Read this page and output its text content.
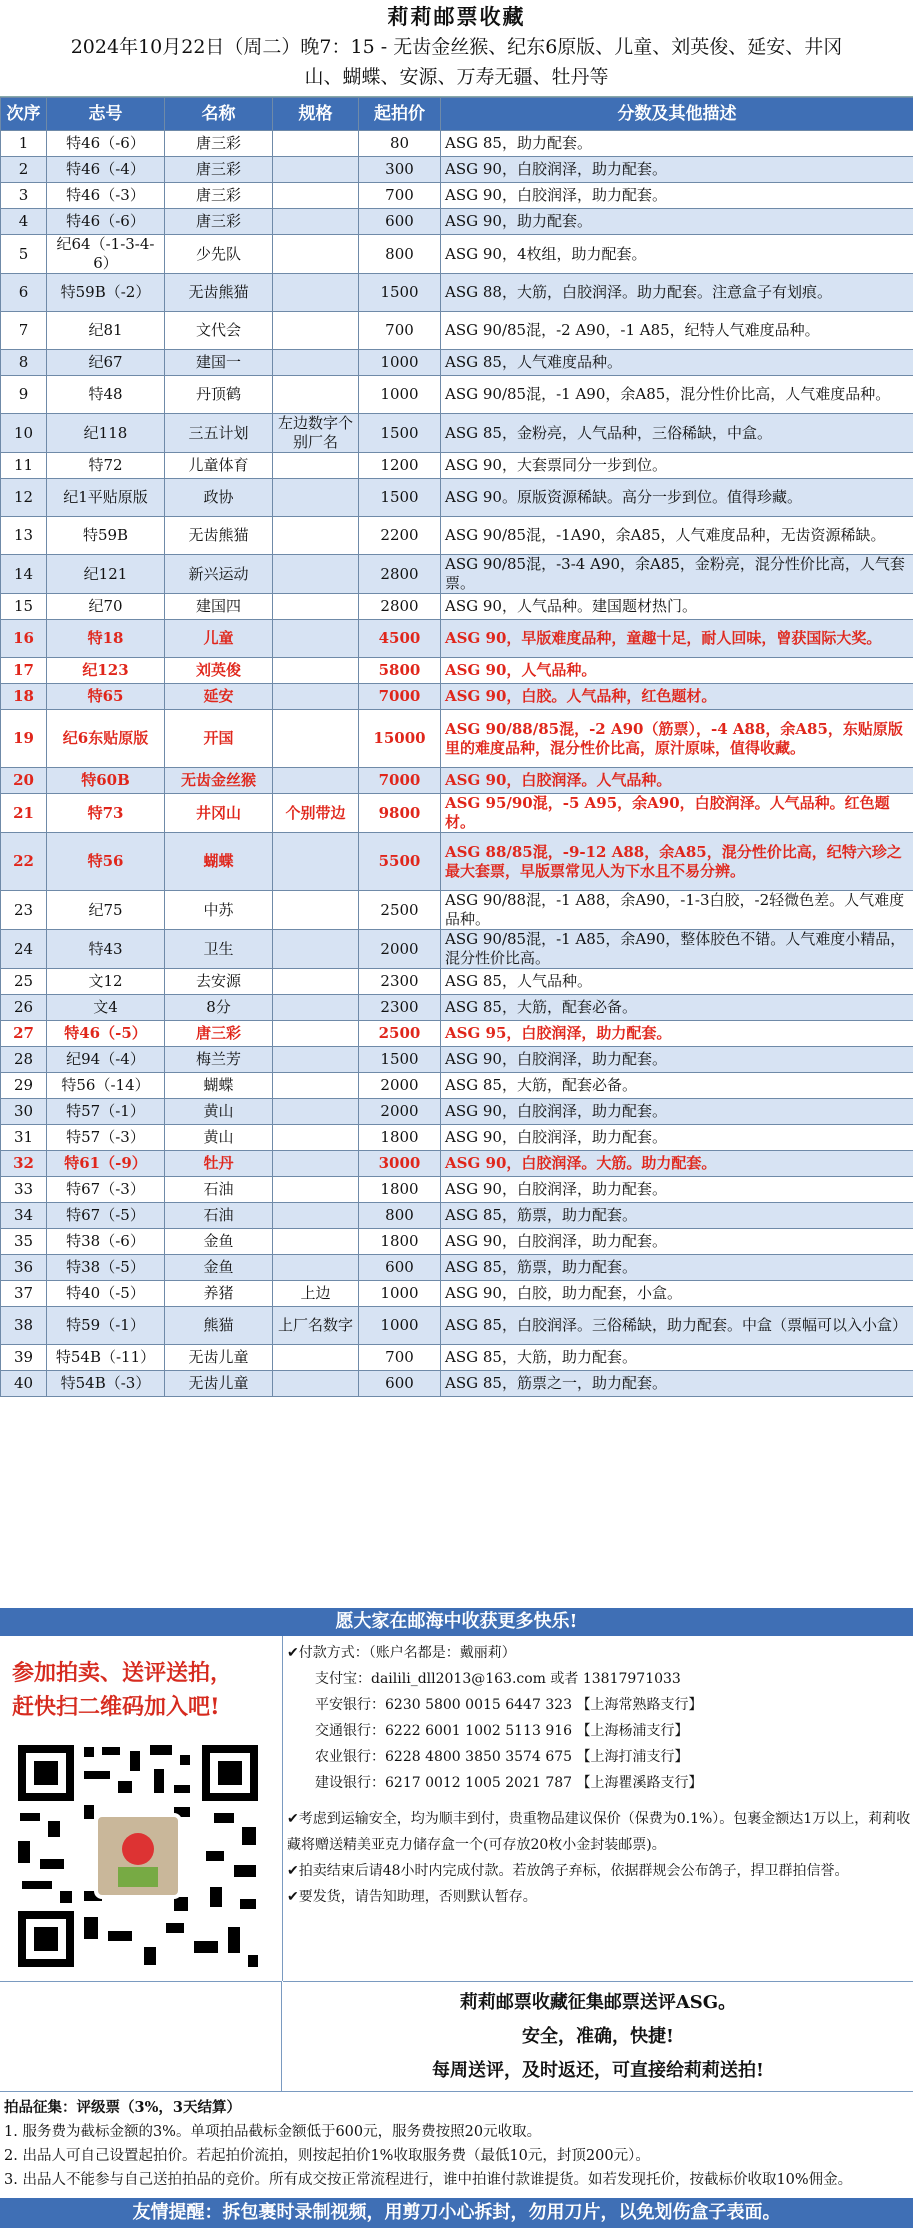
莉莉邮票收藏
2024年10月22日（周二）晚7：15 - 无齿金丝猴、纪东6原版、儿童、刘英俊、延安、井冈
山、蝴蝶、安源、万寿无疆、牡丹等
次序	志号	名称	规格	起拍价	分数及其他描述
1	特46（-6）	唐三彩		80	ASG 85，助力配套。
2	特46（-4）	唐三彩		300	ASG 90，白胶润泽，助力配套。
3	特46（-3）	唐三彩		700	ASG 90，白胶润泽，助力配套。
4	特46（-6）	唐三彩		600	ASG 90，助力配套。
5	纪64（-1-3-4-6）	少先队		800	ASG 90，4枚组，助力配套。
6	特59B（-2）	无齿熊猫		1500	ASG 88，大筋，白胶润泽。助力配套。注意盒子有划痕。
7	纪81	文代会		700	ASG 90/85混，-2 A90，-1 A85，纪特人气难度品种。
8	纪67	建国一		1000	ASG 85，人气难度品种。
9	特48	丹顶鹤		1000	ASG 90/85混，-1 A90，余A85，混分性价比高，人气难度品种。
10	纪118	三五计划	左边数字个别厂名	1500	ASG 85，金粉亮，人气品种，三俗稀缺，中盒。
11	特72	儿童体育		1200	ASG 90，大套票同分一步到位。
12	纪1平贴原版	政协		1500	ASG 90。原版资源稀缺。高分一步到位。值得珍藏。
13	特59B	无齿熊猫		2200	ASG 90/85混，-1A90，余A85，人气难度品种，无齿资源稀缺。
14	纪121	新兴运动		2800	ASG 90/85混，-3-4 A90，余A85，金粉亮，混分性价比高，人气套票。
15	纪70	建国四		2800	ASG 90，人气品种。建国题材热门。
16	特18	儿童		4500	ASG 90，早版难度品种，童趣十足，耐人回味，曾获国际大奖。
17	纪123	刘英俊		5800	ASG 90，人气品种。
18	特65	延安		7000	ASG 90，白胶。人气品种，红色题材。
19	纪6东贴原版	开国		15000	ASG 90/88/85混，-2 A90（筋票），-4 A88，余A85，东贴原版里的难度品种，混分性价比高，原汁原味，值得收藏。
20	特60B	无齿金丝猴		7000	ASG 90，白胶润泽。人气品种。
21	特73	井冈山	个别带边	9800	ASG 95/90混，-5 A95，余A90，白胶润泽。人气品种。红色题材。
22	特56	蝴蝶		5500	ASG 88/85混，-9-12 A88，余A85，混分性价比高，纪特六珍之最大套票，早版票常见人为下水且不易分辨。
23	纪75	中苏		2500	ASG 90/88混，-1 A88，余A90，-1-3白胶，-2轻微色差。人气难度品种。
24	特43	卫生		2000	ASG 90/85混，-1 A85，余A90，整体胶色不错。人气难度小精品，混分性价比高。
25	文12	去安源		2300	ASG 85，人气品种。
26	文4	8分		2300	ASG 85，大筋，配套必备。
27	特46（-5）	唐三彩		2500	ASG 95，白胶润泽，助力配套。
28	纪94（-4）	梅兰芳		1500	ASG 90，白胶润泽，助力配套。
29	特56（-14）	蝴蝶		2000	ASG 85，大筋，配套必备。
30	特57（-1）	黄山		2000	ASG 90，白胶润泽，助力配套。
31	特57（-3）	黄山		1800	ASG 90，白胶润泽，助力配套。
32	特61（-9）	牡丹		3000	ASG 90，白胶润泽。大筋。助力配套。
33	特67（-3）	石油		1800	ASG 90，白胶润泽，助力配套。
34	特67（-5）	石油		800	ASG 85，筋票，助力配套。
35	特38（-6）	金鱼		1800	ASG 90，白胶润泽，助力配套。
36	特38（-5）	金鱼		600	ASG 85，筋票，助力配套。
37	特40（-5）	养猪	上边	1000	ASG 90，白胶，助力配套，小盒。
38	特59（-1）	熊猫	上厂名数字	1000	ASG 85，白胶润泽。三俗稀缺，助力配套。中盒（票幅可以入小盒）
39	特54B（-11）	无齿儿童		700	ASG 85，大筋，助力配套。
40	特54B（-3）	无齿儿童		600	ASG 85，筋票之一，助力配套。
愿大家在邮海中收获更多快乐!
参加拍卖、送评送拍，
赶快扫二维码加入吧!

✔付款方式：（账户名都是：戴丽莉）

支付宝：dailili_dll2013@163.com 或者 13817971033

平安银行：6230 5800 0015 6447 323 【上海常熟路支行】

交通银行：6222 6001 1002 5113 916 【上海杨浦支行】

农业银行：6228 4800 3850 3574 675 【上海打浦支行】

建设银行：6217 0012 1005 2021 787 【上海瞿溪路支行】

✔考虑到运输安全，均为顺丰到付，贵重物品建议保价（保费为0.1%）。包裹金额达1万以上，莉莉收藏将赠送精美亚克力储存盒一个(可存放20枚小金封装邮票)。

✔拍卖结束后请48小时内完成付款。若放鸽子弃标，依据群规会公布鸽子，捍卫群拍信誉。

✔要发货，请告知助理，否则默认暂存。

莉莉邮票收藏征集邮票送评ASG。
安全，准确，快捷!
每周送评，及时返还，可直接给莉莉送拍!

拍品征集：评级票（3%，3天结算）

1. 服务费为截标金额的3%。单项拍品截标金额低于600元，服务费按照20元收取。

2. 出品人可自己设置起拍价。若起拍价流拍，则按起拍价1%收取服务费（最低10元，封顶200元）。

3. 出品人不能参与自己送拍拍品的竞价。所有成交按正常流程进行，谁中拍谁付款谁提货。如若发现托价，按截标价收取10%佣金。

友情提醒：拆包裹时录制视频，用剪刀小心拆封，勿用刀片，以免划伤盒子表面。
